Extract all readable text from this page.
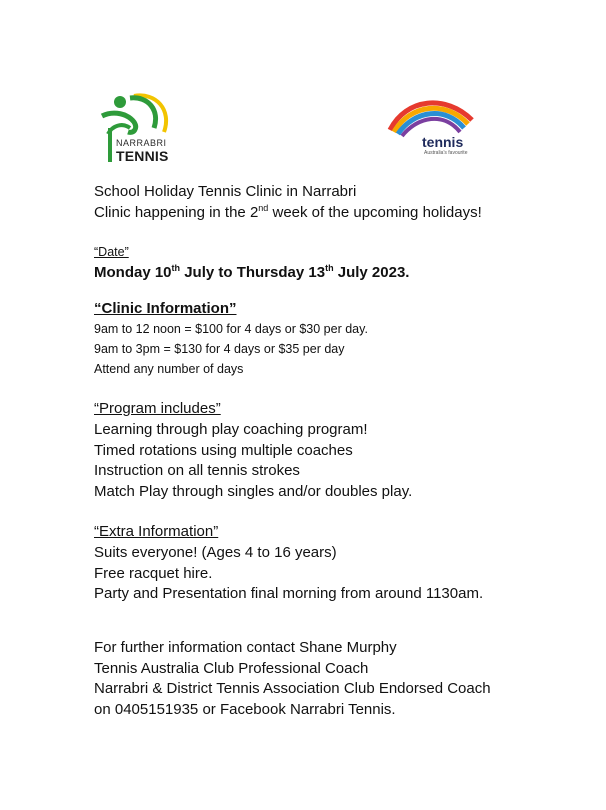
NARRABRI
TENNIS
tennis
Australia's favourite
School Holiday Tennis Clinic in Narrabri
Clinic happening in the 2nd week of the upcoming holidays!
“Date”
Monday 10th July to Thursday 13th July 2023.
“Clinic Information”
9am to 12 noon = $100 for 4 days or $30 per day.
9am to 3pm = $130 for 4 days or $35 per day
Attend any number of days
“Program includes”
Learning through play coaching program!
Timed rotations using multiple coaches
Instruction on all tennis strokes
Match Play through singles and/or doubles play.
“Extra Information”
Suits everyone! (Ages 4 to 16 years)
Free racquet hire.
Party and Presentation final morning from around 1130am.
For further information contact Shane Murphy
Tennis Australia Club Professional Coach
Narrabri & District Tennis Association Club Endorsed Coach
on 0405151935 or Facebook Narrabri Tennis.
